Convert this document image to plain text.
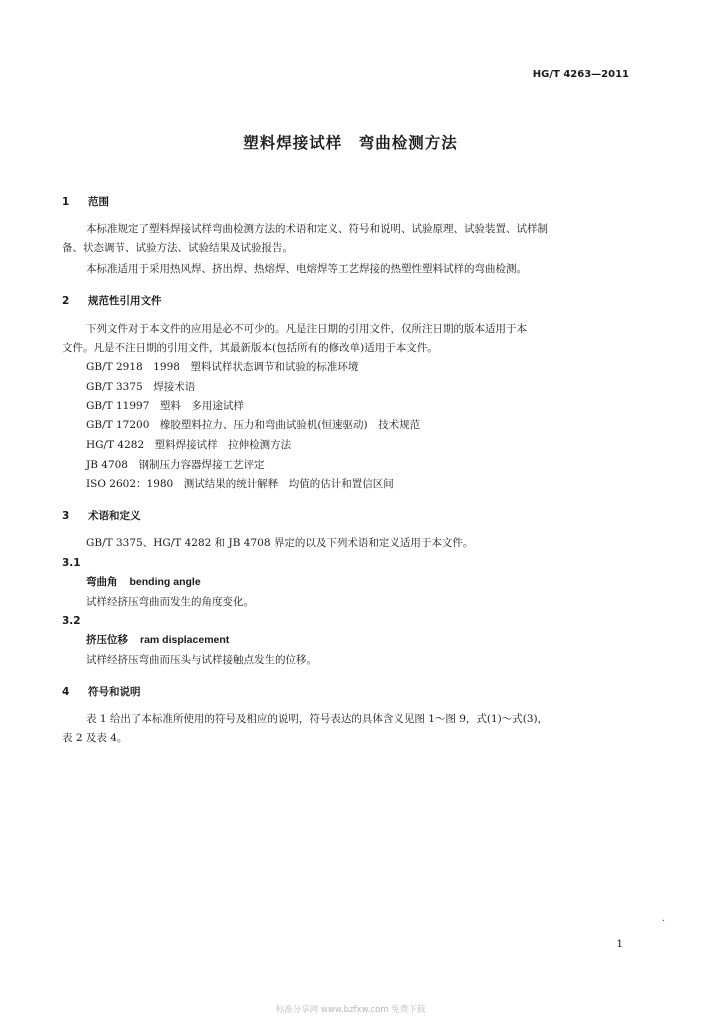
HG/T 4263—2011
塑料焊接试样　弯曲检测方法
1 范围
本标准规定了塑料焊接试样弯曲检测方法的术语和定义、符号和说明、试验原理、试验装置、试样制
备、状态调节、试验方法、试验结果及试验报告。
本标准适用于采用热风焊、挤出焊、热熔焊、电熔焊等工艺焊接的热塑性塑料试样的弯曲检测。
2 规范性引用文件
下列文件对于本文件的应用是必不可少的。凡是注日期的引用文件，仅所注日期的版本适用于本
文件。凡是不注日期的引用文件，其最新版本(包括所有的修改单)适用于本文件。
GB/T 2918　1998　 塑料试样状态调节和试验的标准环境
GB/T 3375　 焊接术语
GB/T 11997　 塑料　多用途试样
GB/T 17200　 橡胶塑料拉力、压力和弯曲试验机(恒速驱动)　技术规范
HG/T 4282　 塑料焊接试样　拉伸检测方法
JB 4708　 钢制压力容器焊接工艺评定
ISO 2602：1980　 测试结果的统计解释　均值的估计和置信区间
3 术语和定义
GB/T 3375、HG/T 4282 和 JB 4708 界定的以及下列术语和定义适用于本文件。
3.1
弯曲角 bending angle
试样经挤压弯曲而发生的角度变化。
3.2
挤压位移 ram displacement
试样经挤压弯曲而压头与试样接触点发生的位移。
4 符号和说明
表 1 给出了本标准所使用的符号及相应的说明，符号表达的具体含义见图 1～图 9，式(1)～式(3)，
表 2 及表 4。
·
1
标准分享网 www.bzfxw.com 免费下载
